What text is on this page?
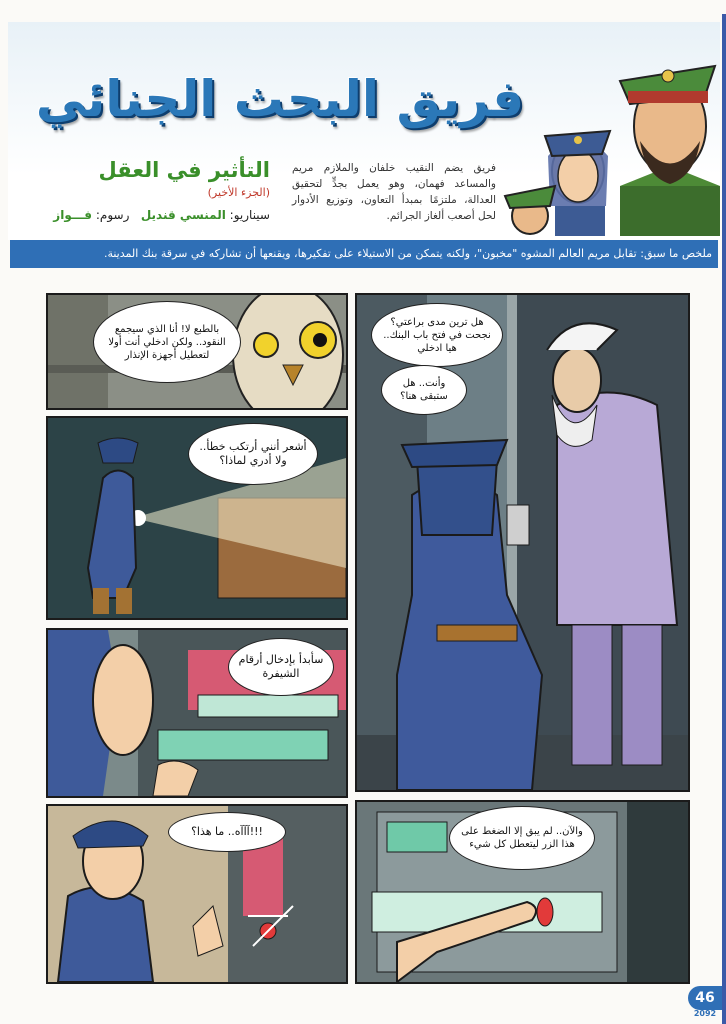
فريق البحث الجنائي
التأثير في العقل
(الجزء الأخير)
سيناريو: المنسي قنديل   رسوم: فـــواز
فريق يضم النقيب خلفان والملازم مريم والمساعد فهمان، وهو يعمل بجدٍّ لتحقيق العدالة، ملتزمًا بمبدأ التعاون، وتوزيع الأدوار لحل أصعب ألغاز الجرائم.
ملخص ما سبق: تقابل مريم العالم المشوه "مخبون"، ولكنه يتمكن من الاستيلاء على تفكيرها، ويقنعها أن تشاركه في سرقة بنك المدينة.
بالطبع لا! أنا الذي سيجمع النقود.. ولكن ادخلي أنت أولا لتعطيل أجهزة الإنذار
هل ترين مدى براعتي؟ نجحت في فتح باب البنك.. هيا ادخلي
وأنت.. هل ستبقى هنا؟
أشعر أنني أرتكب خطأ.. ولا أدري لماذا؟
سأبدأ بإدخال أرقام الشيفرة
!!!آآآه.. ما هذا؟	والآن.. لم يبق إلا الضغط على هذا الزر ليتعطل كل شيء
46
2092
